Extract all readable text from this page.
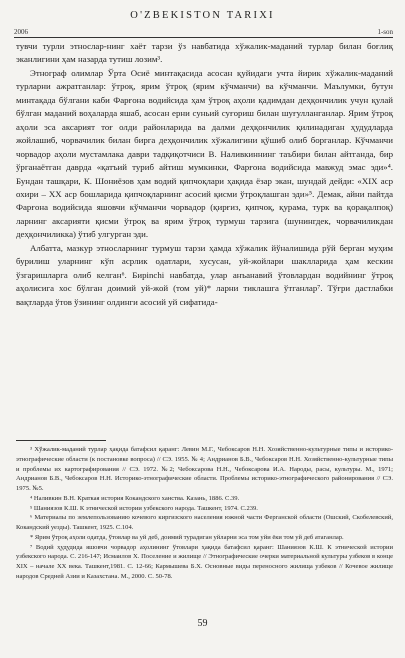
O'ZBEKISTON TARIXI
2006	1-son

тувчи турли этнослар-нинг хаёт тарзи ўз навбатида хўжалик-маданий турлар билан боғлиқ эканлигини ҳам назарда тутиш лозим³.

Этнограф олимлар Ўрта Осиё минтақасида асосан қуйидаги учта йирик хўжалик-маданий турларни ажратганлар: ўтроқ, ярим ўтроқ (ярим кўчманчи) ва кўчманчи. Маълумки, бутун минтақада бўлгани каби Фарғона водийсида ҳам ўтроқ аҳоли қадимдан деҳқончилик учун қулай бўлган маданий воҳаларда яшаб, асосан ерни суньий суғориш билан шуғулланганлар. Ярим ўтроқ аҳоли эса аксарият тоғ олди районларида ва далми деҳқончилик қилинадиган ҳудудларда жойлашиб, чорвачилик билан бирга деҳқончилик хўжалигини қўшиб олиб борганлар. Кўчманчи чорвадор аҳоли мустамлака даври тадқиқотчиси В. Наливкиннинг таъбири билан айтганда, бир ўрганаётган даврда «қатъий туриб айтиш мумкинки, Фарғона водийсида мавжуд эмас эди»⁴. Бундан ташқари, К. Шониёзов ҳам водий қипчоқлари ҳақида ёзар экан, шундай дейди: «XIX аср охири – XX аср бошларида қипчоқларнинг асосий қисми ўтроқлашган эди»⁵. Демак, айни пайтда Фарғона водийсида яшовчи кўчманчи чорвадор (қирғиз, қипчоқ, қурама, турк ва қорақалпоқ) ларнинг аксарияти қисми ўтроқ ва ярим ўтроқ турмуш тарзига (шунингдек, чорвачиликдан деҳқончиликка) ўтиб улгурган эди.

Албатта, мазкур этносларнинг турмуш тарзи ҳамда хўжалик йўналишида рўй берган муҳим бурилиш уларнинг кўп асрлик одатлари, хусусан, уй-жойлари шаклларида ҳам кескин ўзгаришларга олиб келган⁶. Бирinchi навбатда, улар анъанавий ўтовлардан водийнинг ўтроқ аҳолисига хос бўлган доимий уй-жой (том уй)* ларни тиклашга ўтганлар⁷. Тўғри дастлабки вақтларда ўтов ўзининг олдинги асосий уй сифатида-

³ Хўжалик-маданий турлар ҳақида батафсил қаранг: Левин М.Г., Чебоксаров Н.Н. Хозяйственно-культурные типы и историко-этнографические области (к постановке вопроса) // СЭ. 1955. № 4; Андрианов Б.В., Чебоксаров Н.Н. Хозяйственно-культурные типы и проблемы их картографирования // СЭ. 1972. №2; Чебоксарова Н.Н., Чебоксарова И.А. Народы, расы, культуры. М., 1971; Андрианов Б.В., Чебоксаров Н.Н. Историко-этнографические области. Проблемы историко-этнографического районирования // СЭ. 1975. №5.

⁴ Наливкин В.Н. Краткая история Кокандского ханства. Казань, 1886. С.39.

⁵ Шаниязов К.Ш. К этнической истории узбекского народа. Ташкент, 1974. С.239.

⁶ Материалы по землепользованию кочевого киргизского населения южной части Ферганской области (Ошский, Скобелевский, Кокандский уезды). Ташкент, 1925. С.104.

* Ярим ўтроқ аҳоли одатда, ўтовлар ва уй деб, доимий турадиган уйларни эса том уйи ёки том уй деб атаганлар.

⁷ Водий ҳудудида яшовчи чорвадор аҳолининг ўтовлари ҳақида батафсил қаранг: Шаниязов К.Ш. К этнической истории узбекского народа. С. 216-147; Исмаилов Х. Поселение и жилище // Этнографические очерки материальной культуры узбеков в конце XIX – начале XX века. Ташкент,1981. С. 12-66; Кармышева Б.Х. Основные виды переносного жилища узбеков // Кочевое жилище народов Средней Азии и Казахстана. М., 2000. С. 50-78.

59
